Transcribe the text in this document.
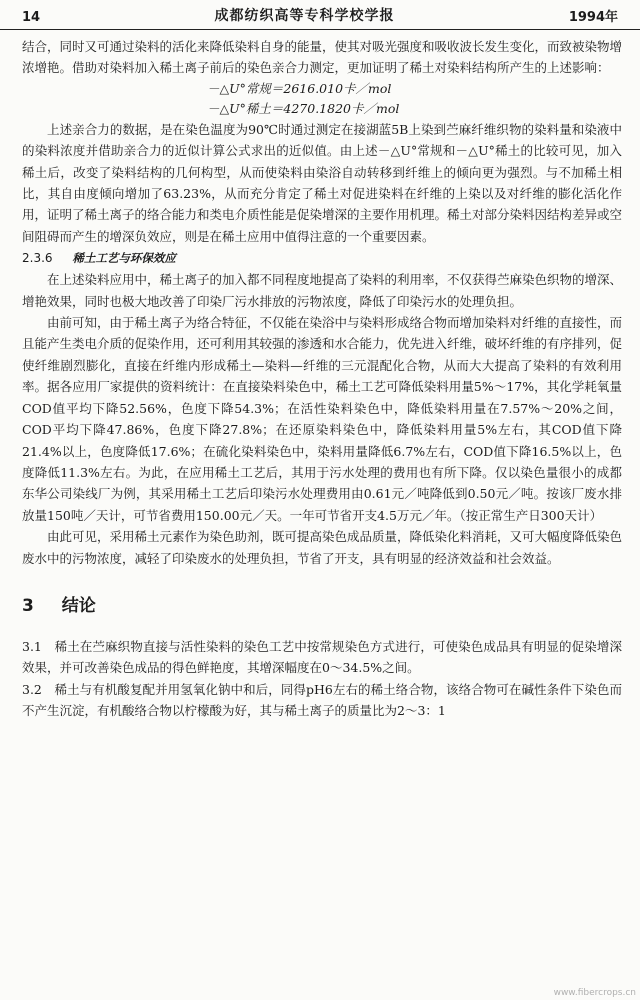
14	成都纺织高等专科学校学报	1994年

结合，同时又可通过染料的活化来降低染料自身的能量，使其对吸光强度和吸收波长发生变化，而致被染物增浓增艳。借助对染料加入稀土离子前后的染色亲合力测定，更加证明了稀土对染料结构所产生的上述影响：

－△U°常规＝2616.010卡／mol
－△U°稀土＝4270.1820卡／mol

上述亲合力的数据，是在染色温度为90℃时通过测定在接湖蓝5B上染到苎麻纤维织物的染料量和染液中的染料浓度并借助亲合力的近似计算公式求出的近似值。由上述－△U°常规和－△U°稀土的比较可见，加入稀土后，改变了染料结构的几何构型，从而使染料由染浴自动转移到纤维上的倾向更为强烈。与不加稀土相比，其自由度倾向增加了63.23%，从而充分肯定了稀土对促进染料在纤维的上染以及对纤维的膨化活化作用，证明了稀土离子的络合能力和类电介质性能是促染增深的主要作用机理。稀土对部分染料因结构差异或空间阻碍而产生的增深负效应，则是在稀土应用中值得注意的一个重要因素。

2.3.6 稀土工艺与环保效应

在上述染料应用中，稀土离子的加入都不同程度地提高了染料的利用率，不仅获得苎麻染色织物的增深、增艳效果，同时也极大地改善了印染厂污水排放的污物浓度，降低了印染污水的处理负担。

由前可知，由于稀土离子为络合特征，不仅能在染浴中与染料形成络合物而增加染料对纤维的直接性，而且能产生类电介质的促染作用，还可利用其较强的渗透和水合能力，优先进入纤维，破坏纤维的有序排列，促使纤维剧烈膨化，直接在纤维内形成稀土—染料—纤维的三元混配化合物，从而大大提高了染料的有效利用率。据各应用厂家提供的资料统计：在直接染料染色中，稀土工艺可降低染料用量5%～17%，其化学耗氧量COD值平均下降52.56%，色度下降54.3%；在活性染料染色中，降低染料用量在7.57%～20%之间，COD平均下降47.86%，色度下降27.8%；在还原染料染色中，降低染料用量5%左右，其COD值下降21.4%以上，色度降低17.6%；在硫化染料染色中，染料用量降低6.7%左右，COD值下降16.5%以上，色度降低11.3%左右。为此，在应用稀土工艺后，其用于污水处理的费用也有所下降。仅以染色量很小的成都东华公司染线厂为例，其采用稀土工艺后印染污水处理费用由0.61元／吨降低到0.50元／吨。按该厂废水排放量150吨／天计，可节省费用150.00元／天。一年可节省开支4.5万元／年。（按正常生产日300天计）

由此可见，采用稀土元素作为染色助剂，既可提高染色成品质量，降低染化料消耗，又可大幅度降低染色废水中的污物浓度，减轻了印染废水的处理负担，节省了开支，具有明显的经济效益和社会效益。

3 结论

3.1　稀土在苎麻织物直接与活性染料的染色工艺中按常规染色方式进行，可使染色成品具有明显的促染增深效果，并可改善染色成品的得色鲜艳度，其增深幅度在0～34.5%之间。

3.2　稀土与有机酸复配并用氢氧化钠中和后，同得pH6左右的稀土络合物，该络合物可在碱性条件下染色而不产生沉淀，有机酸络合物以柠檬酸为好，其与稀土离子的质量比为2～3：1

www.fibercrops.cn
